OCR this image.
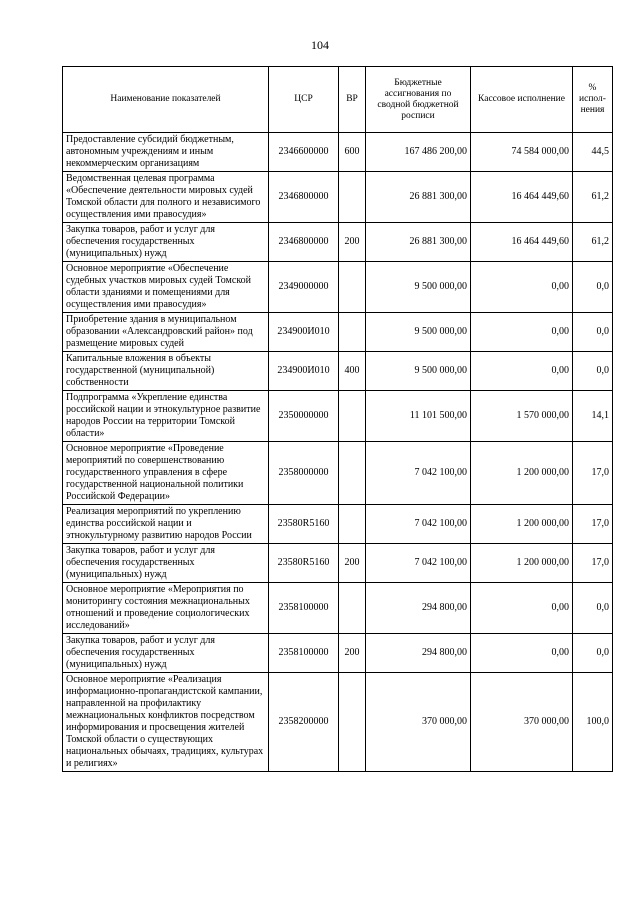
104
Наименование показателей	ЦСР	ВР	Бюджетные ассигнования по сводной бюджетной росписи	Кассовое исполнение	% испол-нения
Предоставление субсидий бюджетным, автономным учреждениям и иным некоммерческим организациям	2346600000	600	167 486 200,00	74 584 000,00	44,5
Ведомственная целевая программа «Обеспечение деятельности мировых судей Томской области для полного и независимого осуществления ими правосудия»	2346800000		26 881 300,00	16 464 449,60	61,2
Закупка товаров, работ и услуг для обеспечения государственных (муниципальных) нужд	2346800000	200	26 881 300,00	16 464 449,60	61,2
Основное мероприятие «Обеспечение судебных участков мировых судей Томской области зданиями и помещениями для осуществления ими правосудия»	2349000000		9 500 000,00	0,00	0,0
Приобретение здания в муниципальном образовании «Александровский район» под размещение мировых судей	234900И010		9 500 000,00	0,00	0,0
Капитальные вложения в объекты государственной (муниципальной) собственности	234900И010	400	9 500 000,00	0,00	0,0
Подпрограмма «Укрепление единства российской нации и этнокультурное развитие народов России на территории Томской области»	2350000000		11 101 500,00	1 570 000,00	14,1
Основное мероприятие «Проведение мероприятий по совершенствованию государственного управления в сфере государственной национальной политики Российской Федерации»	2358000000		7 042 100,00	1 200 000,00	17,0
Реализация мероприятий по укреплению единства российской нации и этнокультурному развитию народов России	23580R5160		7 042 100,00	1 200 000,00	17,0
Закупка товаров, работ и услуг для обеспечения государственных (муниципальных) нужд	23580R5160	200	7 042 100,00	1 200 000,00	17,0
Основное мероприятие «Мероприятия по мониторингу состояния межнациональных отношений и проведение социологических исследований»	2358100000		294 800,00	0,00	0,0
Закупка товаров, работ и услуг для обеспечения государственных (муниципальных) нужд	2358100000	200	294 800,00	0,00	0,0
Основное мероприятие «Реализация информационно-пропагандистской кампании, направленной на профилактику межнациональных конфликтов посредством информирования и просвещения жителей Томской области о существующих национальных обычаях, традициях, культурах и религиях»	2358200000		370 000,00	370 000,00	100,0
